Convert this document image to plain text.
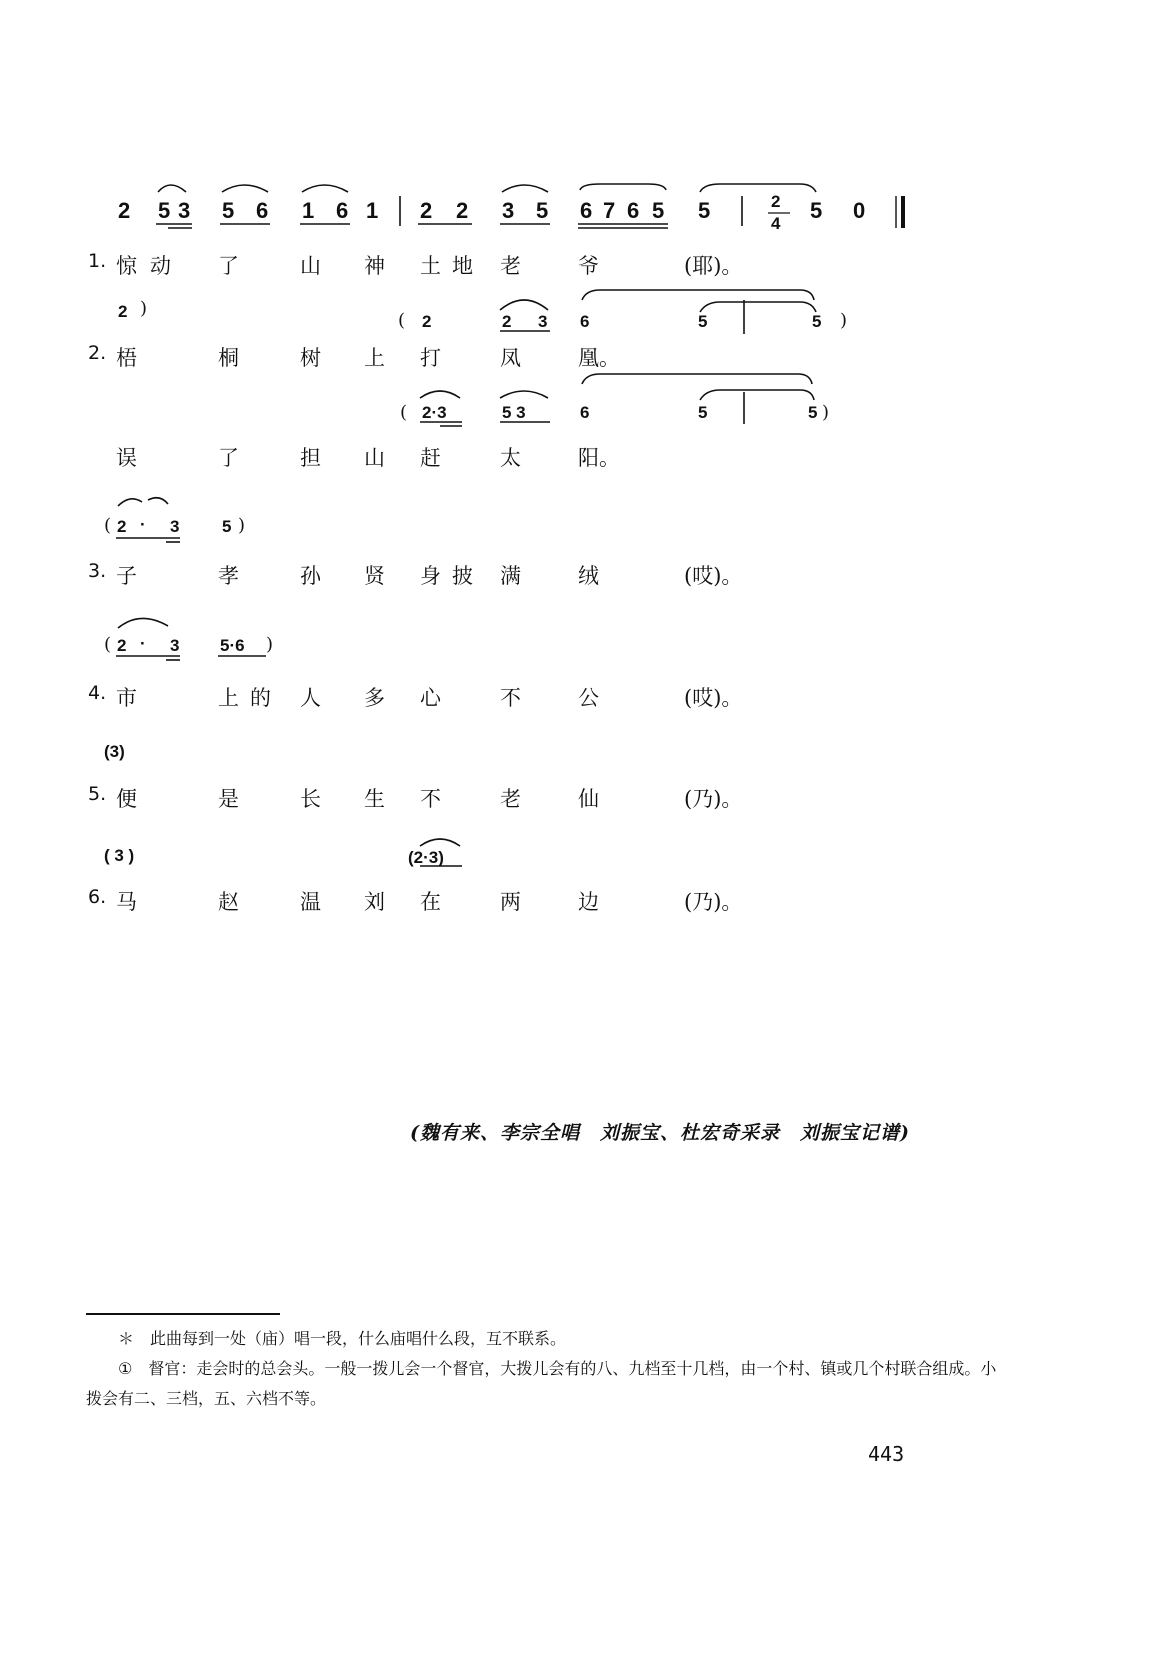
2 5 3 5 6 1 6 1 2 2 3 5 6 7 6 5 5	2
4
5 0
1. 惊 动 了	山 神 土 地 老	爷	(耶)。
2 )
( 2	2 3 6	5	5 )
2. 梧	桐	树 上 打	凤	凰。
( 2·3	5 3	6	5	5 )
误	了	担 山 赶	太	阳。
( 2 · 3	5 )
3. 子	孝	孙 贤 身 披 满	绒	(哎)。
( 2 · 3 5·6 )
4. 市	上 的 人 多 心	不	公	(哎)。
(3)
5. 便	是	长 生 不	老	仙	(乃)。
( 3 )	(2·3)
6. 马	赵	温 刘 在	两	边	(乃)。
(魏有来、李宗全唱　刘振宝、杜宏奇采录　刘振宝记谱)
＊　此曲每到一处（庙）唱一段，什么庙唱什么段，互不联系。
①　督官：走会时的总会头。一般一拨儿会一个督官，大拨儿会有的八、九档至十几档，由一个村、镇或几个村联合组成。小
拨会有二、三档，五、六档不等。
443
